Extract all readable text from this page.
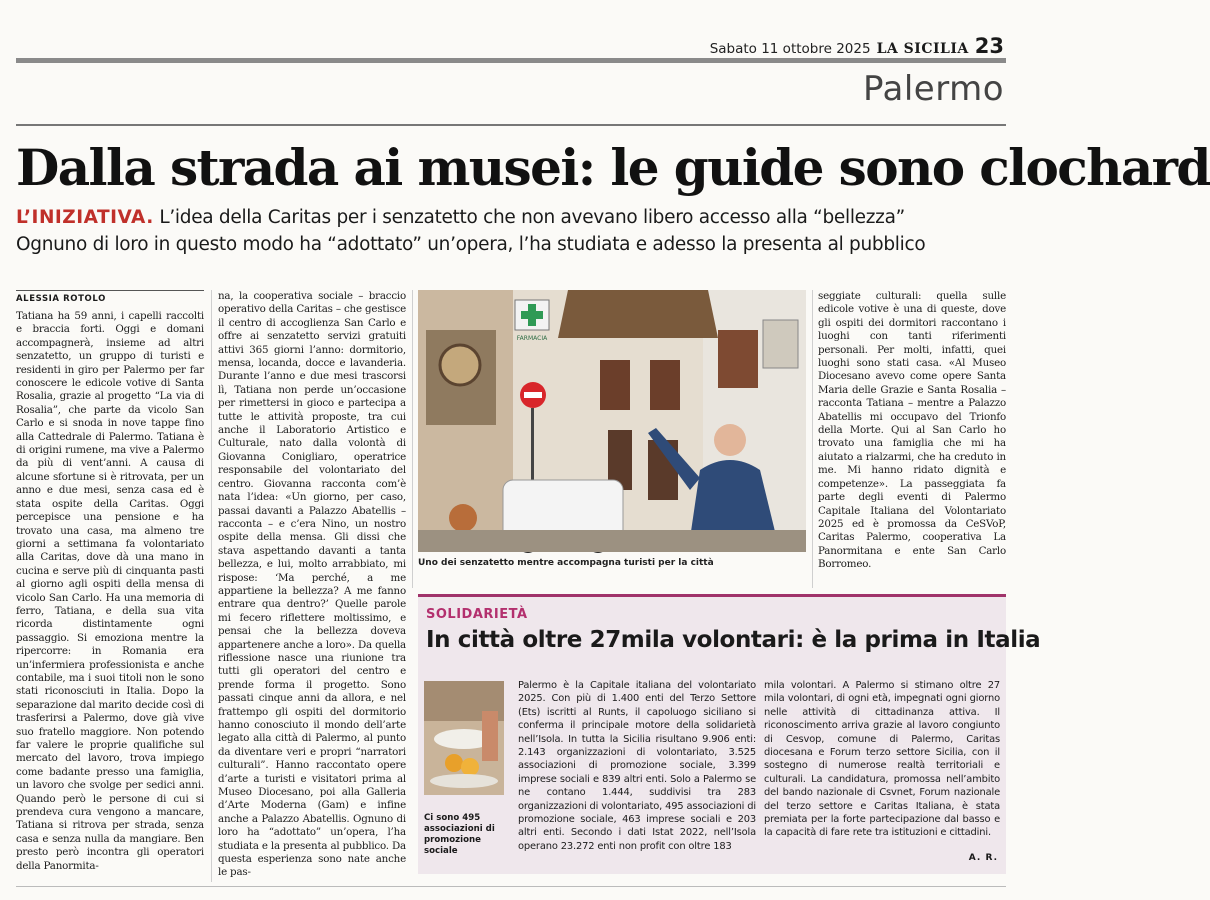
Sabato 11 ottobre 2025 LA SICILIA 23
Palermo
Dalla strada ai musei: le guide sono clochard
L’INIZIATIVA. L’idea della Caritas per i senzatetto che non avevano libero accesso alla “bellezza”
Ognuno di loro in questo modo ha “adottato” un’opera, l’ha studiata e adesso la presenta al pubblico
ALESSIA ROTOLO

Tatiana ha 59 anni, i capelli raccolti e braccia forti. Oggi e domani accompagnerà, insieme ad altri senzatetto, un gruppo di turisti e residenti in giro per Palermo per far conoscere le edicole votive di Santa Rosalia, grazie al progetto “La via di Rosalia”, che parte da vicolo San Carlo e si snoda in nove tappe fino alla Cattedrale di Palermo. Tatiana è di origini rumene, ma vive a Palermo da più di vent’anni. A causa di alcune sfortune si è ritrovata, per un anno e due mesi, senza casa ed è stata ospite della Caritas. Oggi percepisce una pensione e ha trovato una casa, ma almeno tre giorni a settimana fa volontariato alla Caritas, dove dà una mano in cucina e serve più di cinquanta pasti al giorno agli ospiti della mensa di vicolo San Carlo. Ha una memoria di ferro, Tatiana, e della sua vita ricorda distintamente ogni passaggio. Si emoziona mentre la ripercorre: in Romania era un’infermiera professionista e anche contabile, ma i suoi titoli non le sono stati riconosciuti in Italia. Dopo la separazione dal marito decide così di trasferirsi a Palermo, dove già vive suo fratello maggiore. Non potendo far valere le proprie qualifiche sul mercato del lavoro, trova impiego come badante presso una famiglia, un lavoro che svolge per sedici anni. Quando però le persone di cui si prendeva cura vengono a mancare, Tatiana si ritrova per strada, senza casa e senza nulla da mangiare. Ben presto però incontra gli operatori della Panormita-

na, la cooperativa sociale – braccio operativo della Caritas – che gestisce il centro di accoglienza San Carlo e offre ai senzatetto servizi gratuiti attivi 365 giorni l’anno: dormitorio, mensa, locanda, docce e lavanderia. Durante l’anno e due mesi trascorsi lì, Tatiana non perde un’occasione per rimettersi in gioco e partecipa a tutte le attività proposte, tra cui anche il Laboratorio Artistico e Culturale, nato dalla volontà di Giovanna Conigliaro, operatrice responsabile del volontariato del centro. Giovanna racconta com’è nata l’idea: «Un giorno, per caso, passai davanti a Palazzo Abatellis – racconta – e c’era Nino, un nostro ospite della mensa. Gli dissi che stava aspettando davanti a tanta bellezza, e lui, molto arrabbiato, mi rispose: ‘Ma perché, a me appartiene la bellezza? A me fanno entrare qua dentro?’ Quelle parole mi fecero riflettere moltissimo, e pensai che la bellezza doveva appartenere anche a loro». Da quella riflessione nasce una riunione tra tutti gli operatori del centro e prende forma il progetto. Sono passati cinque anni da allora, e nel frattempo gli ospiti del dormitorio hanno conosciuto il mondo dell’arte legato alla città di Palermo, al punto da diventare veri e propri “narratori culturali”. Hanno raccontato opere d’arte a turisti e visitatori prima al Museo Diocesano, poi alla Galleria d’Arte Moderna (Gam) e infine anche a Palazzo Abatellis. Ognuno di loro ha “adottato” un’opera, l’ha studiata e la presenta al pubblico. Da questa esperienza sono nate anche le pas-

seggiate culturali: quella sulle edicole votive è una di queste, dove gli ospiti dei dormitori raccontano i luoghi con tanti riferimenti personali. Per molti, infatti, quei luoghi sono stati casa. «Al Museo Diocesano avevo come opere Santa Maria delle Grazie e Santa Rosalia – racconta Tatiana – mentre a Palazzo Abatellis mi occupavo del Trionfo della Morte. Qui al San Carlo ho trovato una famiglia che mi ha aiutato a rialzarmi, che ha creduto in me. Mi hanno ridato dignità e competenze». La passeggiata fa parte degli eventi di Palermo Capitale Italiana del Volontariato 2025 ed è promossa da CeSVoP, Caritas Palermo, cooperativa La Panormitana e ente San Carlo Borromeo.

FARMACIA
Uno dei senzatetto mentre accompagna turisti per la città
SOLIDARIETÀ
In città oltre 27mila volontari: è la prima in Italia
Ci sono 495 associazioni di promozione sociale

Palermo è la Capitale italiana del volontariato 2025. Con più di 1.400 enti del Terzo Settore (Ets) iscritti al Runts, il capoluogo siciliano si conferma il principale motore della solidarietà nell’Isola. In tutta la Sicilia risultano 9.906 enti: 2.143 organizzazioni di volontariato, 3.525 associazioni di promozione sociale, 3.399 imprese sociali e 839 altri enti. Solo a Palermo se ne contano 1.444, suddivisi tra 283 organizzazioni di volontariato, 495 associazioni di promozione sociale, 463 imprese sociali e 203 altri enti. Secondo i dati Istat 2022, nell’Isola operano 23.272 enti non profit con oltre 183

mila volontari. A Palermo si stimano oltre 27 mila volontari, di ogni età, impegnati ogni giorno nelle attività di cittadinanza attiva. Il riconoscimento arriva grazie al lavoro congiunto di Cesvop, comune di Palermo, Caritas diocesana e Forum terzo settore Sicilia, con il sostegno di numerose realtà territoriali e culturali. La candidatura, promossa nell’ambito del bando nazionale di Csvnet, Forum nazionale del terzo settore e Caritas Italiana, è stata premiata per la forte partecipazione dal basso e la capacità di fare rete tra istituzioni e cittadini.

A. R.
